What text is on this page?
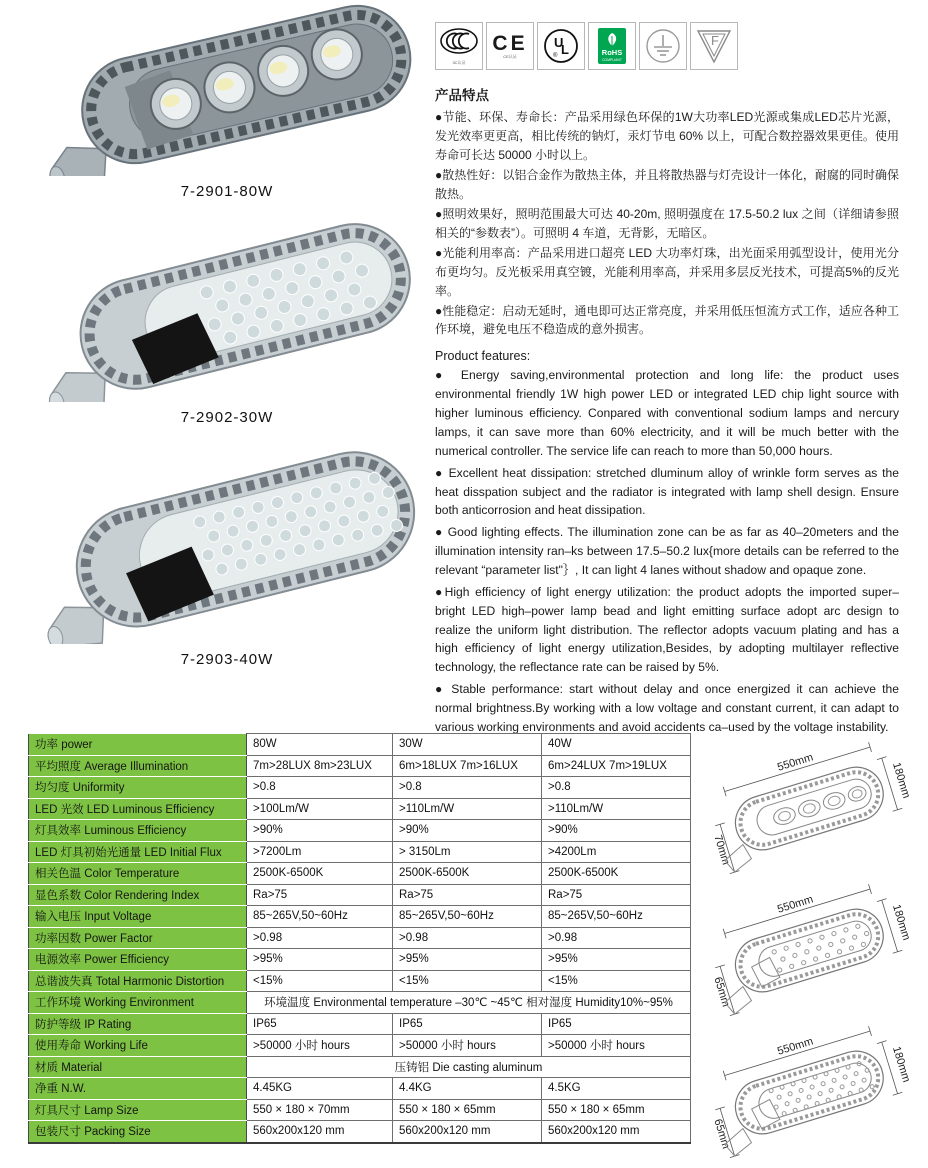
7-2901-80W
7-2902-30W
7-2903-40W
3C认证
CE
CE认证
U
L
®	RoHS
COMPLIANT
F
产品特点

●节能、环保、寿命长：产品采用绿色环保的1W大功率LED光源或集成LED芯片光源，发光效率更更高，相比传统的钠灯，汞灯节电 60% 以上，可配合数控器效果更佳。使用寿命可长达 50000 小时以上。

●散热性好：以铝合金作为散热主体，并且将散热器与灯壳设计一体化，耐腐的同时确保散热。

●照明效果好，照明范围最大可达 40-20m, 照明强度在 17.5-50.2 lux 之间（详细请参照相关的“参数表”）。可照明 4 车道，无背影，无暗区。

●光能利用率高：产品采用进口超亮 LED 大功率灯珠，出光面采用弧型设计，使用光分布更均匀。反光板采用真空镀，光能利用率高，并采用多层反光技术，可提高5%的反光率。

●性能稳定：启动无延时，通电即可达正常亮度，并采用低压恒流方式工作，适应各种工作环境，避免电压不稳造成的意外损害。

Product features:

● Energy saving,environmental protection and long life: the product uses environmental friendly 1W high power LED or integrated LED chip light source with higher luminous efficiency. Conpared with conventional sodium lamps and nercury lamps, it can save more than 60% electricity, and it will be much better with the numerical controller. The service life can reach to more than 50,000 hours.

● Excellent heat dissipation: stretched dluminum alloy of wrinkle form serves as the heat disspation subject and the radiator is integrated with lamp shell design. Ensure both anticorrosion and heat dissipation.

● Good lighting effects. The illumination zone can be as far as 40–20meters and the illumination intensity ran–ks between 17.5–50.2 lux{more details can be referred to the relevant “parameter list"｝, It can light 4 lanes without shadow and opaque zone.

●High efficiency of light energy utilization: the product adopts the imported super–bright LED high–power lamp bead and light emitting surface adopt arc design to realize the uniform light distribution. The reflector adopts vacuum plating and has a high efficiency of light energy utilization,Besides, by adopting multilayer reflective technology, the reflectance rate can be raised by 5%.

● Stable performance: start without delay and once energized it can achieve the normal brightness.By working with a low voltage and constant current, it can adapt to various working environments and avoid accidents ca–used by the voltage instability.

功率 power	80W	30W	40W
平均照度 Average Illumination	7m>28LUX 8m>23LUX	6m>18LUX 7m>16LUX	6m>24LUX 7m>19LUX
均匀度 Uniformity	>0.8	>0.8	>0.8
LED 光效 LED Luminous Efficiency	>100Lm/W	>110Lm/W	>110Lm/W
灯具效率 Luminous Efficiency	>90%	>90%	>90%
LED 灯具初始光通量 LED Initial Flux	>7200Lm	> 3150Lm	>4200Lm
相关色温 Color Temperature	2500K-6500K	2500K-6500K	2500K-6500K
显色系数 Color Rendering Index	Ra>75	Ra>75	Ra>75
输入电压 Input Voltage	85~265V,50~60Hz	85~265V,50~60Hz	85~265V,50~60Hz
功率因数 Power Factor	>0.98	>0.98	>0.98
电源效率 Power Efficiency	>95%	>95%	>95%
总谐波失真 Total Harmonic Distortion	<15%	<15%	<15%
工作环境 Working Environment	环境温度 Environmental temperature –30℃ ~45℃ 相对湿度 Humidity10%~95%		
防护等级 IP Rating	IP65	IP65	IP65
使用寿命 Working Life	>50000 小时 hours	>50000 小时 hours	>50000 小时 hours
材质 Material	压铸铝 Die casting aluminum		
净重 N.W.	4.45KG	4.4KG	4.5KG
灯具尺寸 Lamp Size	550 × 180 × 70mm	550 × 180 × 65mm	550 × 180 × 65mm
包装尺寸 Packing Size	560x200x120 mm	560x200x120 mm	560x200x120 mm
550mm	180mm
70mm
550mm	180mm
65mm
550mm	180mm
65mm
